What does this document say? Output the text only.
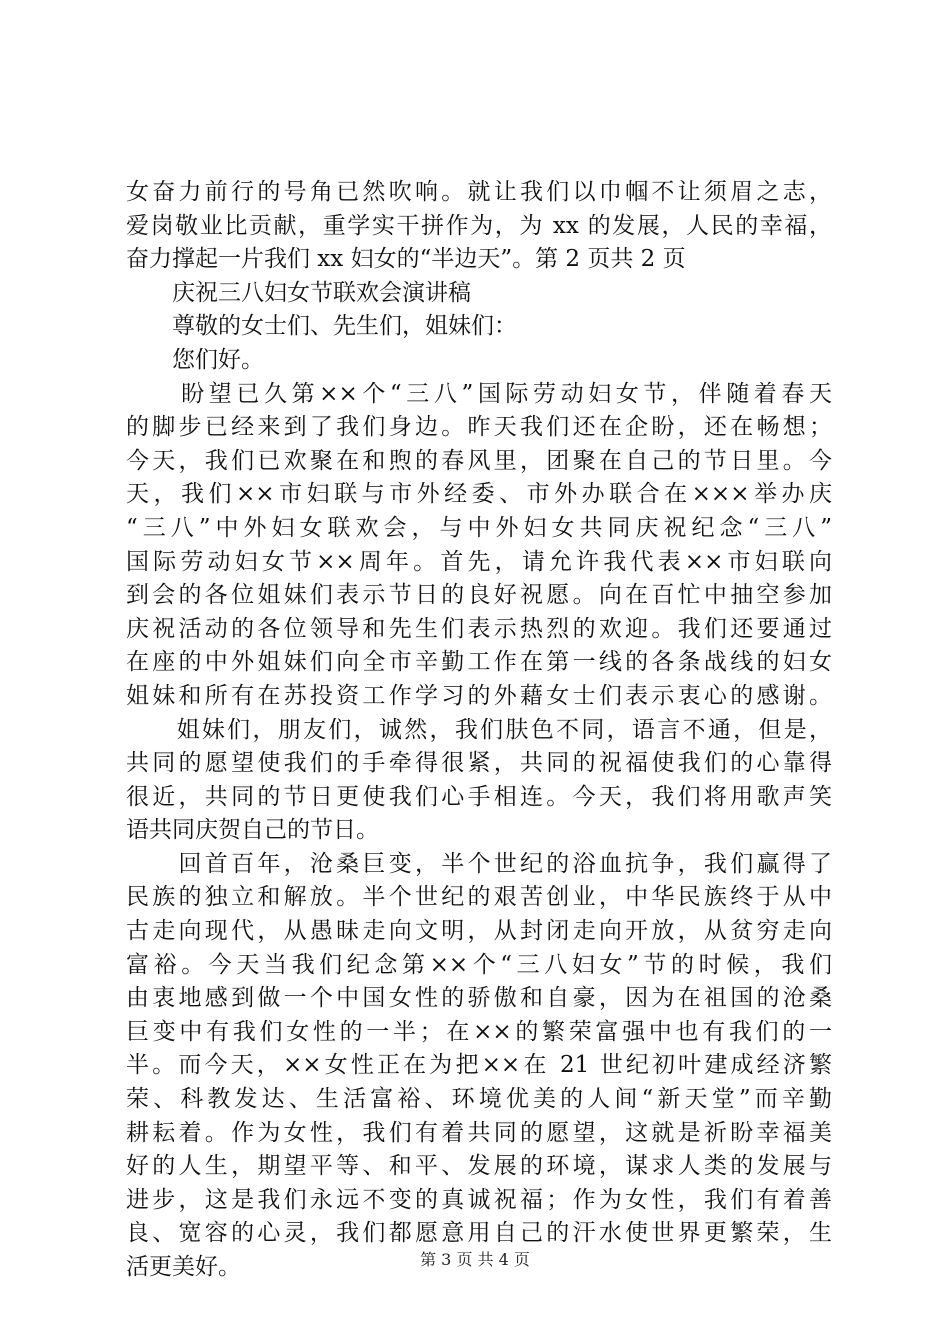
女奋力前行的号角已然吹响。就让我们以巾帼不让须眉之志，
爱岗敬业比贡献，重学实干拼作为，为 xx 的发展，人民的幸福，
奋力撑起一片我们 xx 妇女的“半边天”。第 2 页共 2 页
　　庆祝三八妇女节联欢会演讲稿
　　尊敬的女士们、先生们，姐妹们：
　　您们好。
　　盼望已久第××个“三八”国际劳动妇女节，伴随着春天
的脚步已经来到了我们身边。昨天我们还在企盼，还在畅想；
今天，我们已欢聚在和煦的春风里，团聚在自己的节日里。今
天，我们××市妇联与市外经委、市外办联合在×××举办庆
“三八”中外妇女联欢会，与中外妇女共同庆祝纪念“三八”
国际劳动妇女节××周年。首先，请允许我代表××市妇联向
到会的各位姐妹们表示节日的良好祝愿。向在百忙中抽空参加
庆祝活动的各位领导和先生们表示热烈的欢迎。我们还要通过
在座的中外姐妹们向全市辛勤工作在第一线的各条战线的妇女
姐妹和所有在苏投资工作学习的外藉女士们表示衷心的感谢。
　　姐妹们，朋友们，诚然，我们肤色不同，语言不通，但是，
共同的愿望使我们的手牵得很紧，共同的祝福使我们的心靠得
很近，共同的节日更使我们心手相连。今天，我们将用歌声笑
语共同庆贺自己的节日。
　　回首百年，沧桑巨变，半个世纪的浴血抗争，我们赢得了
民族的独立和解放。半个世纪的艰苦创业，中华民族终于从中
古走向现代，从愚昧走向文明，从封闭走向开放，从贫穷走向
富裕。今天当我们纪念第××个“三八妇女”节的时候，我们
由衷地感到做一个中国女性的骄傲和自豪，因为在祖国的沧桑
巨变中有我们女性的一半；在××的繁荣富强中也有我们的一
半。而今天，××女性正在为把××在 21 世纪初叶建成经济繁
荣、科教发达、生活富裕、环境优美的人间“新天堂”而辛勤
耕耘着。作为女性，我们有着共同的愿望，这就是祈盼幸福美
好的人生，期望平等、和平、发展的环境，谋求人类的发展与
进步，这是我们永远不变的真诚祝福；作为女性，我们有着善
良、宽容的心灵，我们都愿意用自己的汗水使世界更繁荣，生
活更美好。	第 3 页 共 4 页
